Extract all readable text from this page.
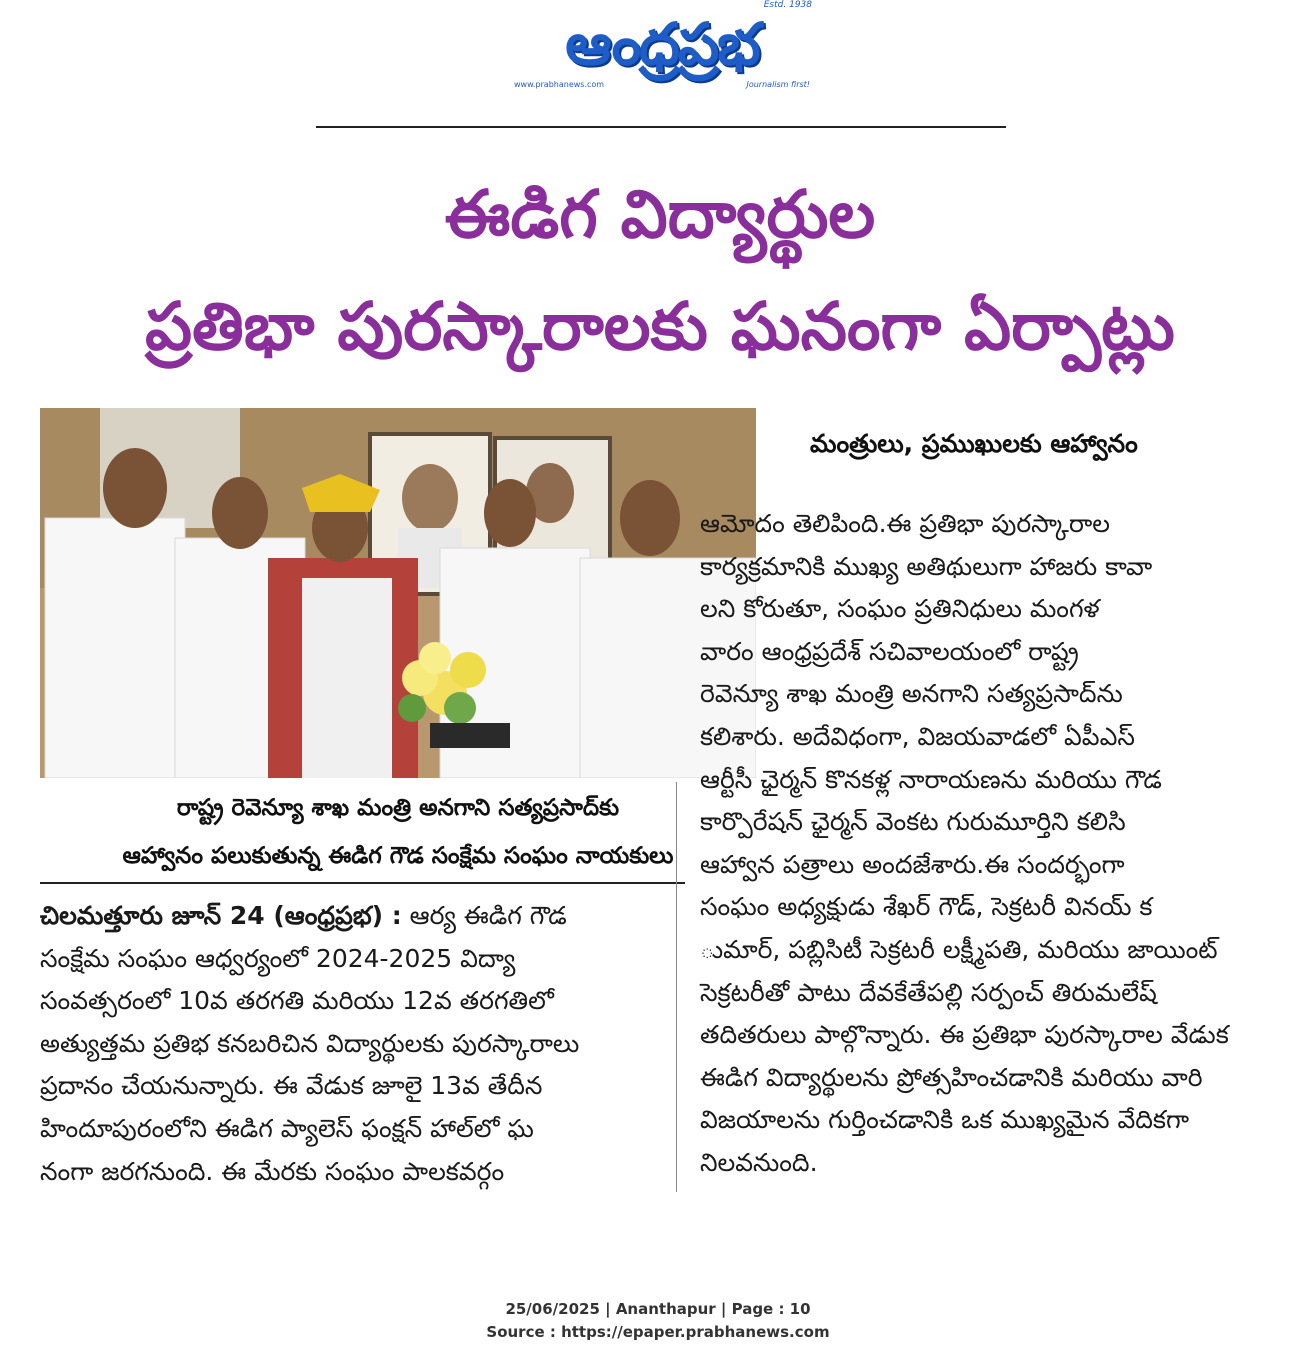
Estd. 1938
ఆంధ్రప్రభ
www.prabhanews.com	Journalism first!
ఈడిగ విద్యార్థుల
ప్రతిభా పురస్కారాలకు ఘనంగా ఏర్పాట్లు
రాష్ట్ర రెవెన్యూ శాఖ మంత్రి అనగాని సత్యప్రసాద్‌కు
ఆహ్వానం పలుకుతున్న ఈడిగ గౌడ సంక్షేమ సంఘం నాయకులు
మంత్రులు, ప్రముఖులకు ఆహ్వానం

ఆమోదం తెలిపింది.ఈ ప్రతిభా పురస్కారాల

కార్యక్రమానికి ముఖ్య అతిథులుగా హాజరు కావా

లని కోరుతూ, సంఘం ప్రతినిధులు మంగళ

వారం ఆంధ్రప్రదేశ్ సచివాలయంలో రాష్ట్ర

రెవెన్యూ శాఖ మంత్రి అనగాని సత్యప్రసాద్‌ను

కలిశారు. అదేవిధంగా, విజయవాడలో ఏపీఎస్

ఆర్టీసీ ఛైర్మన్ కొనకళ్ల నారాయణను మరియు గౌడ

కార్పొరేషన్ ఛైర్మన్ వెంకట గురుమూర్తిని కలిసి

ఆహ్వాన పత్రాలు అందజేశారు.ఈ సందర్భంగా

సంఘం అధ్యక్షుడు శేఖర్ గౌడ్, సెక్రటరీ వినయ్ క

ుమార్, పబ్లిసిటీ సెక్రటరీ లక్ష్మీపతి, మరియు జాయింట్

సెక్రటరీతో పాటు దేవకేతేపల్లి సర్పంచ్ తిరుమలేష్

తదితరులు పాల్గొన్నారు. ఈ ప్రతిభా పురస్కారాల వేడుక

ఈడిగ విద్యార్థులను ప్రోత్సహించడానికి మరియు వారి

విజయాలను గుర్తించడానికి ఒక ముఖ్యమైన వేదికగా

నిలవనుంది.

చిలమత్తూరు జూన్ 24 (ఆంధ్రప్రభ) : ఆర్య ఈడిగ గౌడ

సంక్షేమ సంఘం ఆధ్వర్యంలో 2024-2025 విద్యా

సంవత్సరంలో 10వ తరగతి మరియు 12వ తరగతిలో

అత్యుత్తమ ప్రతిభ కనబరిచిన విద్యార్థులకు పురస్కారాలు

ప్రదానం చేయనున్నారు. ఈ వేడుక జూలై 13వ తేదీన

హిందూపురంలోని ఈడిగ ప్యాలెస్ ఫంక్షన్ హాల్‌లో ఘ

నంగా జరగనుంది. ఈ మేరకు సంఘం పాలకవర్గం

25/06/2025 | Ananthapur | Page : 10
Source : https://epaper.prabhanews.com
